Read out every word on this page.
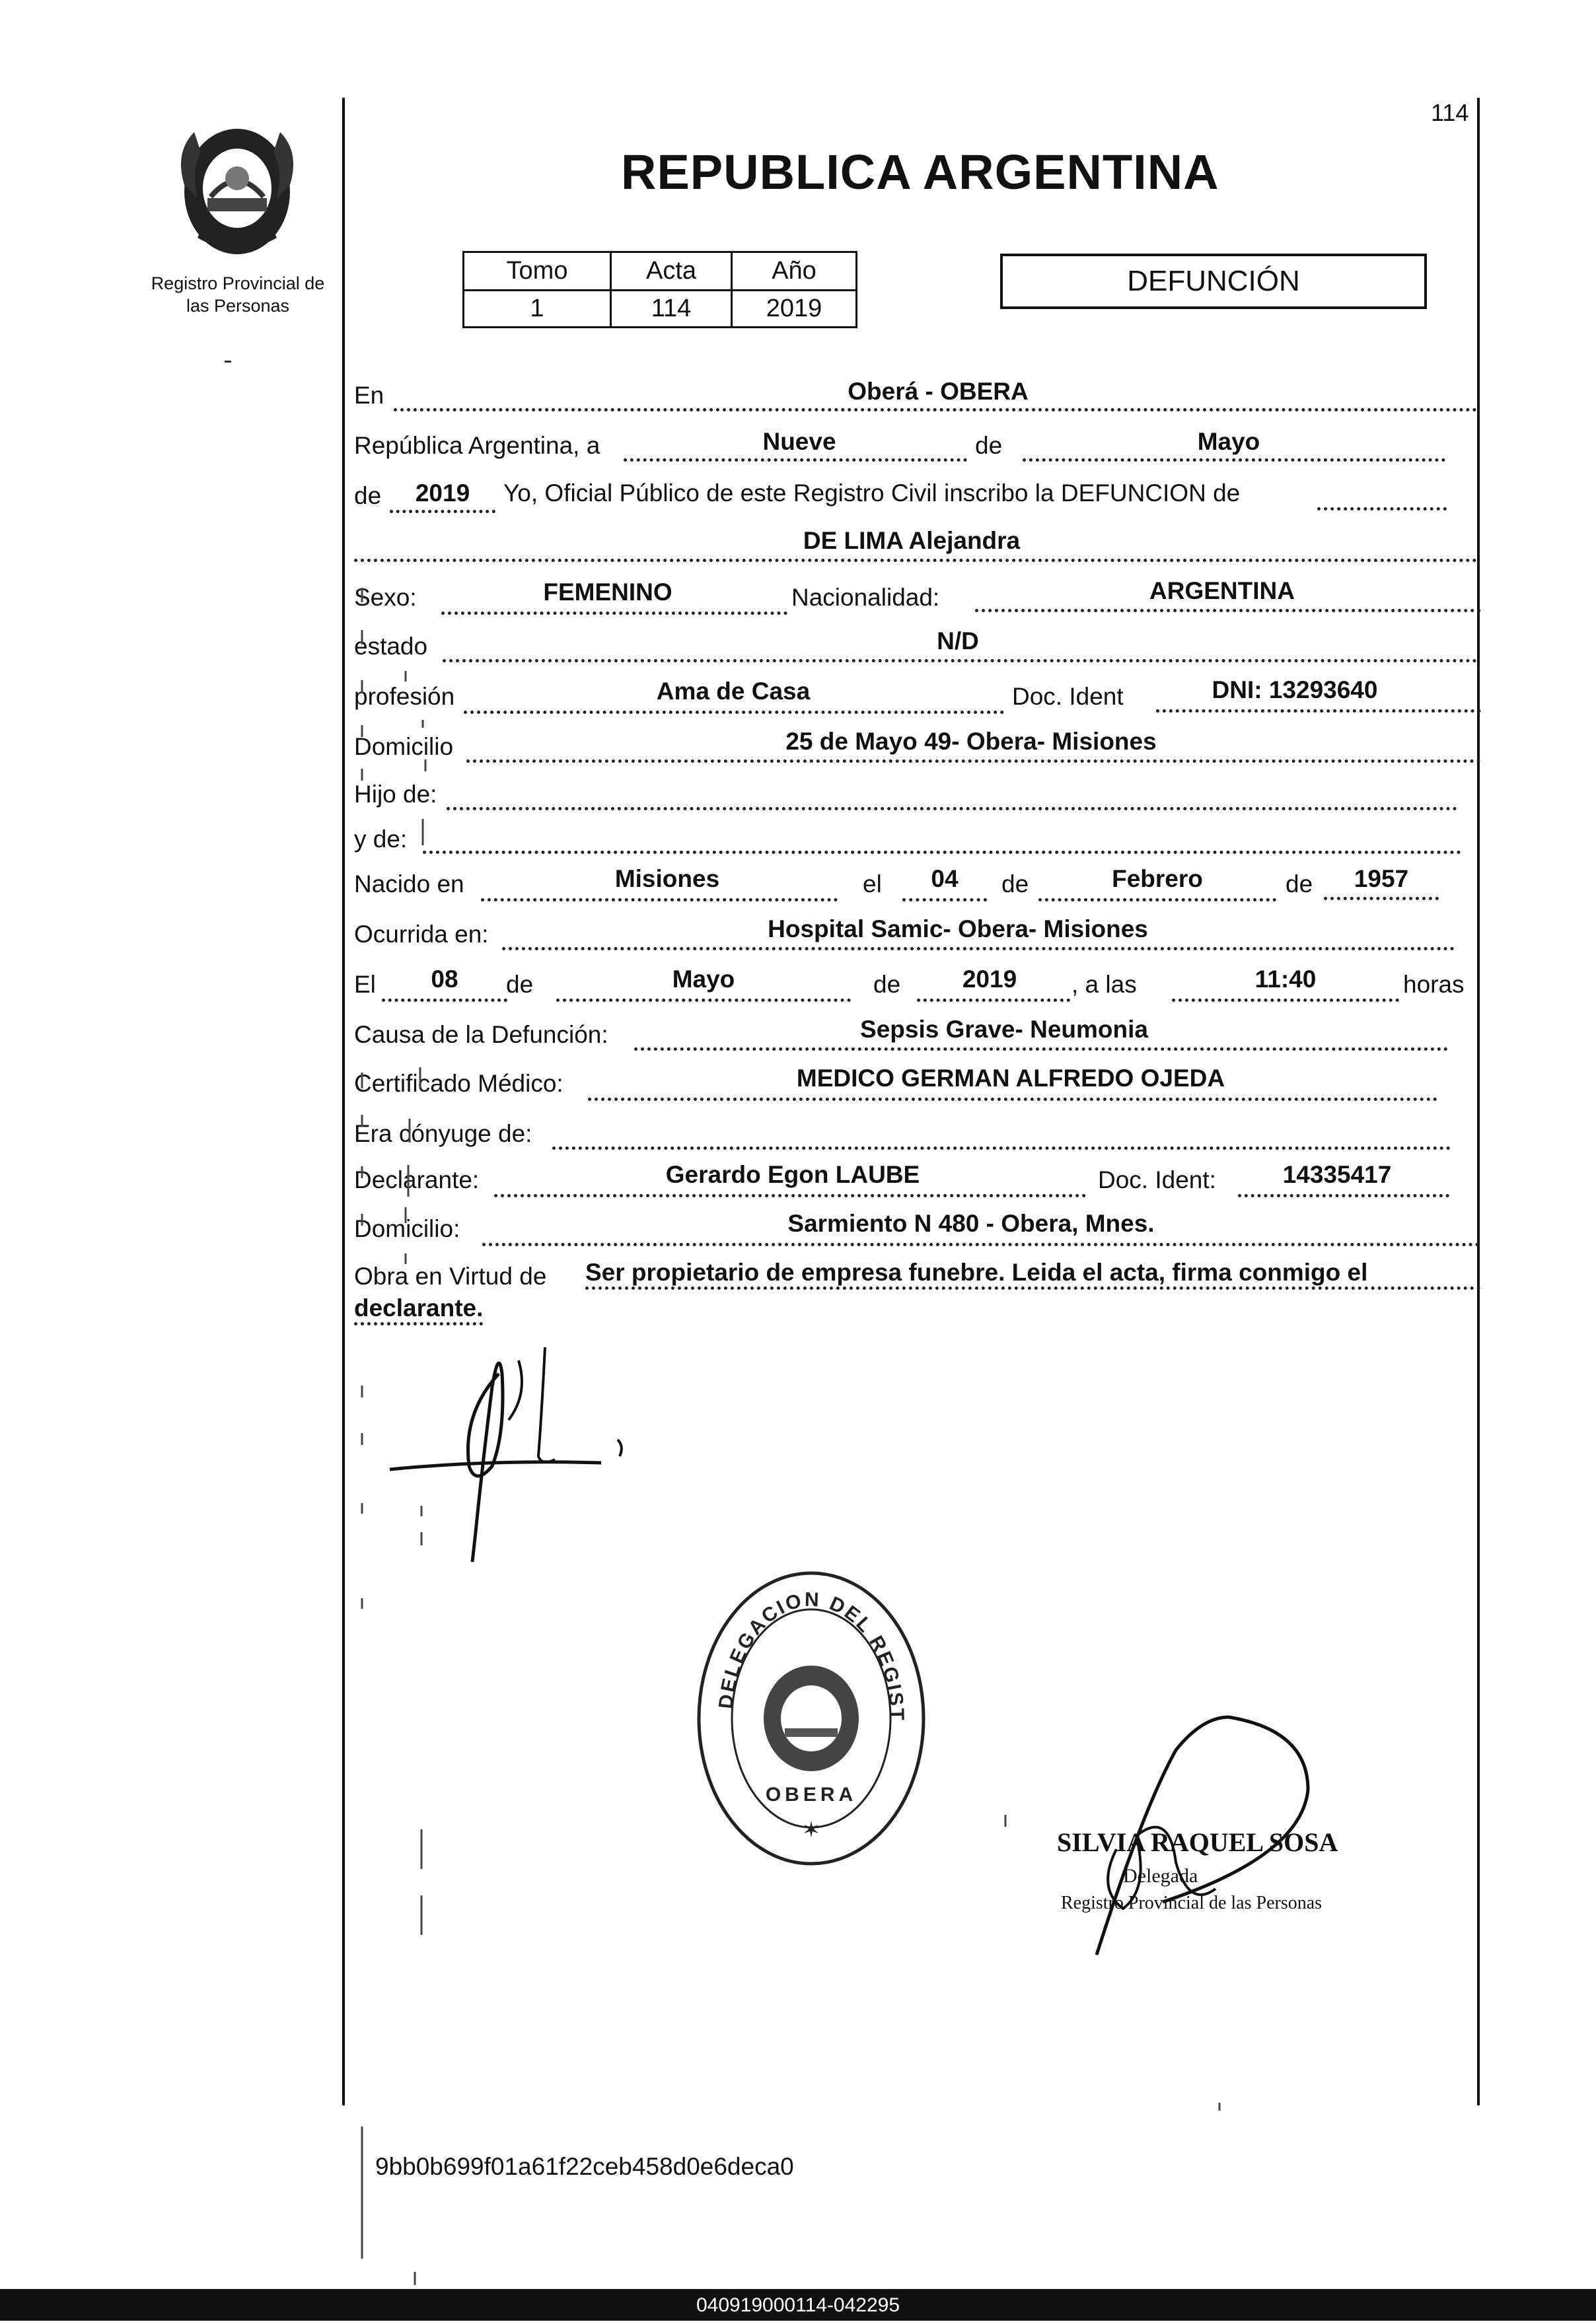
Registro Provincial de
las Personas
114
REPUBLICA ARGENTINA
Tomo	Acta	Año
1	114	2019
DEFUNCIÓN
En	Oberá - OBERA
República Argentina, a	Nueve	de	Mayo
de	2019	Yo, Oficial Público de este Registro Civil inscribo la DEFUNCION de
DE LIMA Alejandra
Sexo:	FEMENINO	Nacionalidad:	ARGENTINA
estado	N/D
profesión	Ama de Casa	Doc. Ident	DNI: 13293640
Domicilio	25 de Mayo 49- Obera- Misiones
Hijo de:
y de:
Nacido en	Misiones	el	04	de	Febrero	de	1957
Ocurrida en:	Hospital Samic- Obera- Misiones
El	08	de	Mayo	de	2019	, a las	11:40	horas
Causa de la Defunción:	Sepsis Grave- Neumonia
Certificado Médico:	MEDICO GERMAN ALFREDO OJEDA
Era cónyuge de:
Declarante:	Gerardo Egon LAUBE	Doc. Ident:	14335417
Domicilio:	Sarmiento N 480 - Obera, Mnes.
Obra en Virtud de Ser propietario de empresa funebre. Leida el acta, firma conmigo el
declarante.
DELEGACION DEL REGIST
OBERA
✶	SILVIA RAQUEL SOSA
Delegada
Registro Provincial de las Personas
9bb0b699f01a61f22ceb458d0e6deca0
040919000114-042295
